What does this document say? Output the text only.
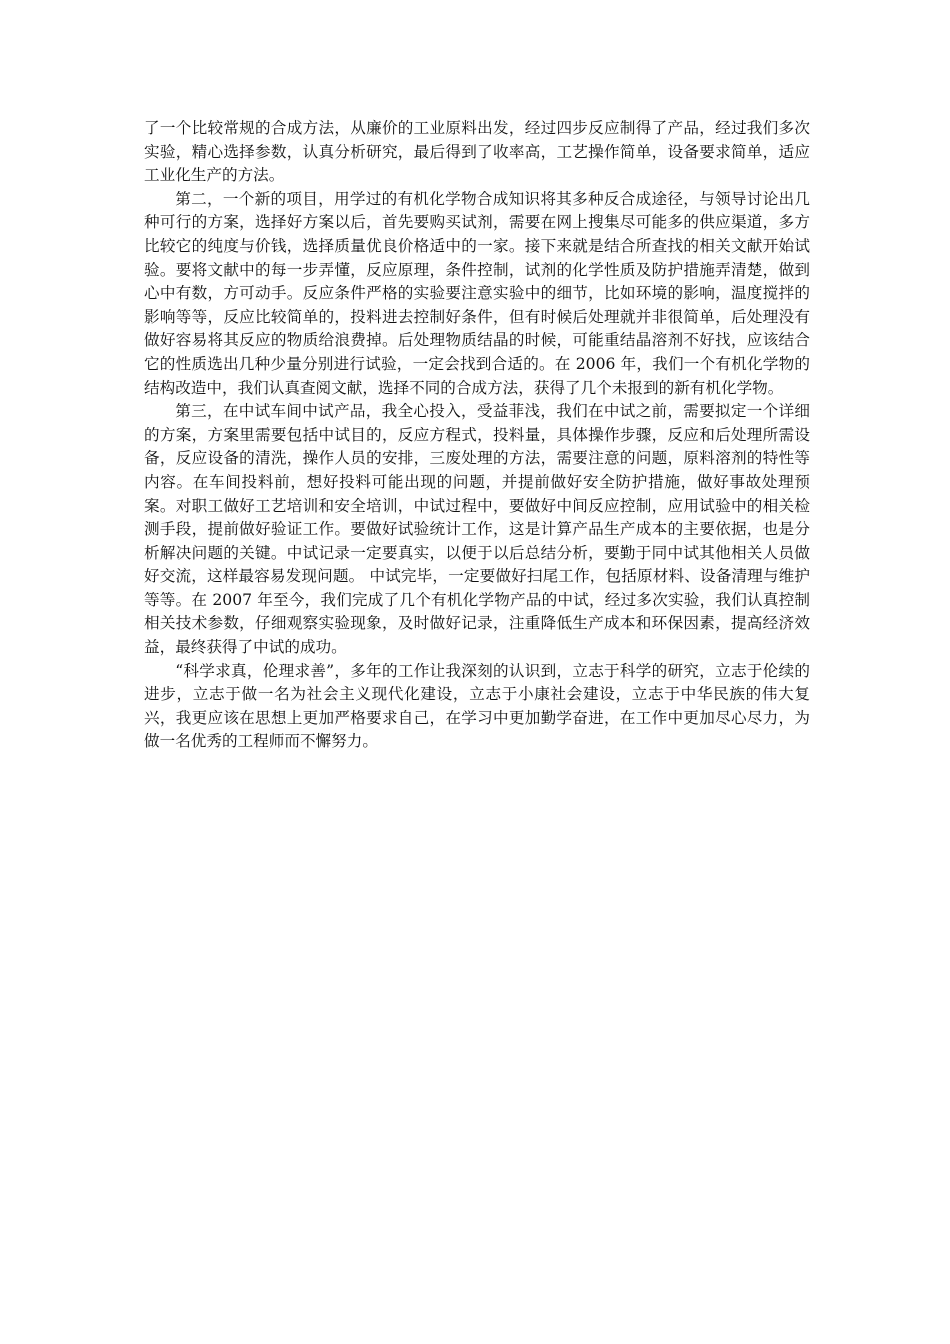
了一个比较常规的合成方法，从廉价的工业原料出发，经过四步反应制得了产品，经过我们多次实验，精心选择参数，认真分析研究，最后得到了收率高，工艺操作简单，设备要求简单，适应工业化生产的方法。

第二，一个新的项目，用学过的有机化学物合成知识将其多种反合成途径，与领导讨论出几种可行的方案，选择好方案以后，首先要购买试剂，需要在网上搜集尽可能多的供应渠道，多方比较它的纯度与价钱，选择质量优良价格适中的一家。接下来就是结合所查找的相关文献开始试验。要将文献中的每一步弄懂，反应原理，条件控制，试剂的化学性质及防护措施弄清楚，做到心中有数，方可动手。反应条件严格的实验要注意实验中的细节，比如环境的影响，温度搅拌的影响等等，反应比较简单的，投料进去控制好条件，但有时候后处理就并非很简单，后处理没有做好容易将其反应的物质给浪费掉。后处理物质结晶的时候，可能重结晶溶剂不好找，应该结合它的性质选出几种少量分别进行试验，一定会找到合适的。在 2006 年，我们一个有机化学物的结构改造中，我们认真查阅文献，选择不同的合成方法，获得了几个未报到的新有机化学物。

第三，在中试车间中试产品，我全心投入，受益菲浅，我们在中试之前，需要拟定一个详细的方案，方案里需要包括中试目的，反应方程式，投料量，具体操作步骤，反应和后处理所需设备，反应设备的清洗，操作人员的安排，三废处理的方法，需要注意的问题，原料溶剂的特性等内容。在车间投料前，想好投料可能出现的问题，并提前做好安全防护措施，做好事故处理预案。对职工做好工艺培训和安全培训，中试过程中，要做好中间反应控制，应用试验中的相关检测手段，提前做好验证工作。要做好试验统计工作，这是计算产品生产成本的主要依据，也是分析解决问题的关键。中试记录一定要真实，以便于以后总结分析，要勤于同中试其他相关人员做好交流，这样最容易发现问题。 中试完毕，一定要做好扫尾工作，包括原材料、设备清理与维护等等。在 2007 年至今，我们完成了几个有机化学物产品的中试，经过多次实验，我们认真控制相关技术参数，仔细观察实验现象，及时做好记录，注重降低生产成本和环保因素，提高经济效益，最终获得了中试的成功。

“科学求真，伦理求善”，多年的工作让我深刻的认识到，立志于科学的研究，立志于伦续的进步，立志于做一名为社会主义现代化建设，立志于小康社会建设，立志于中华民族的伟大复兴，我更应该在思想上更加严格要求自己，在学习中更加勤学奋进，在工作中更加尽心尽力，为做一名优秀的工程师而不懈努力。
